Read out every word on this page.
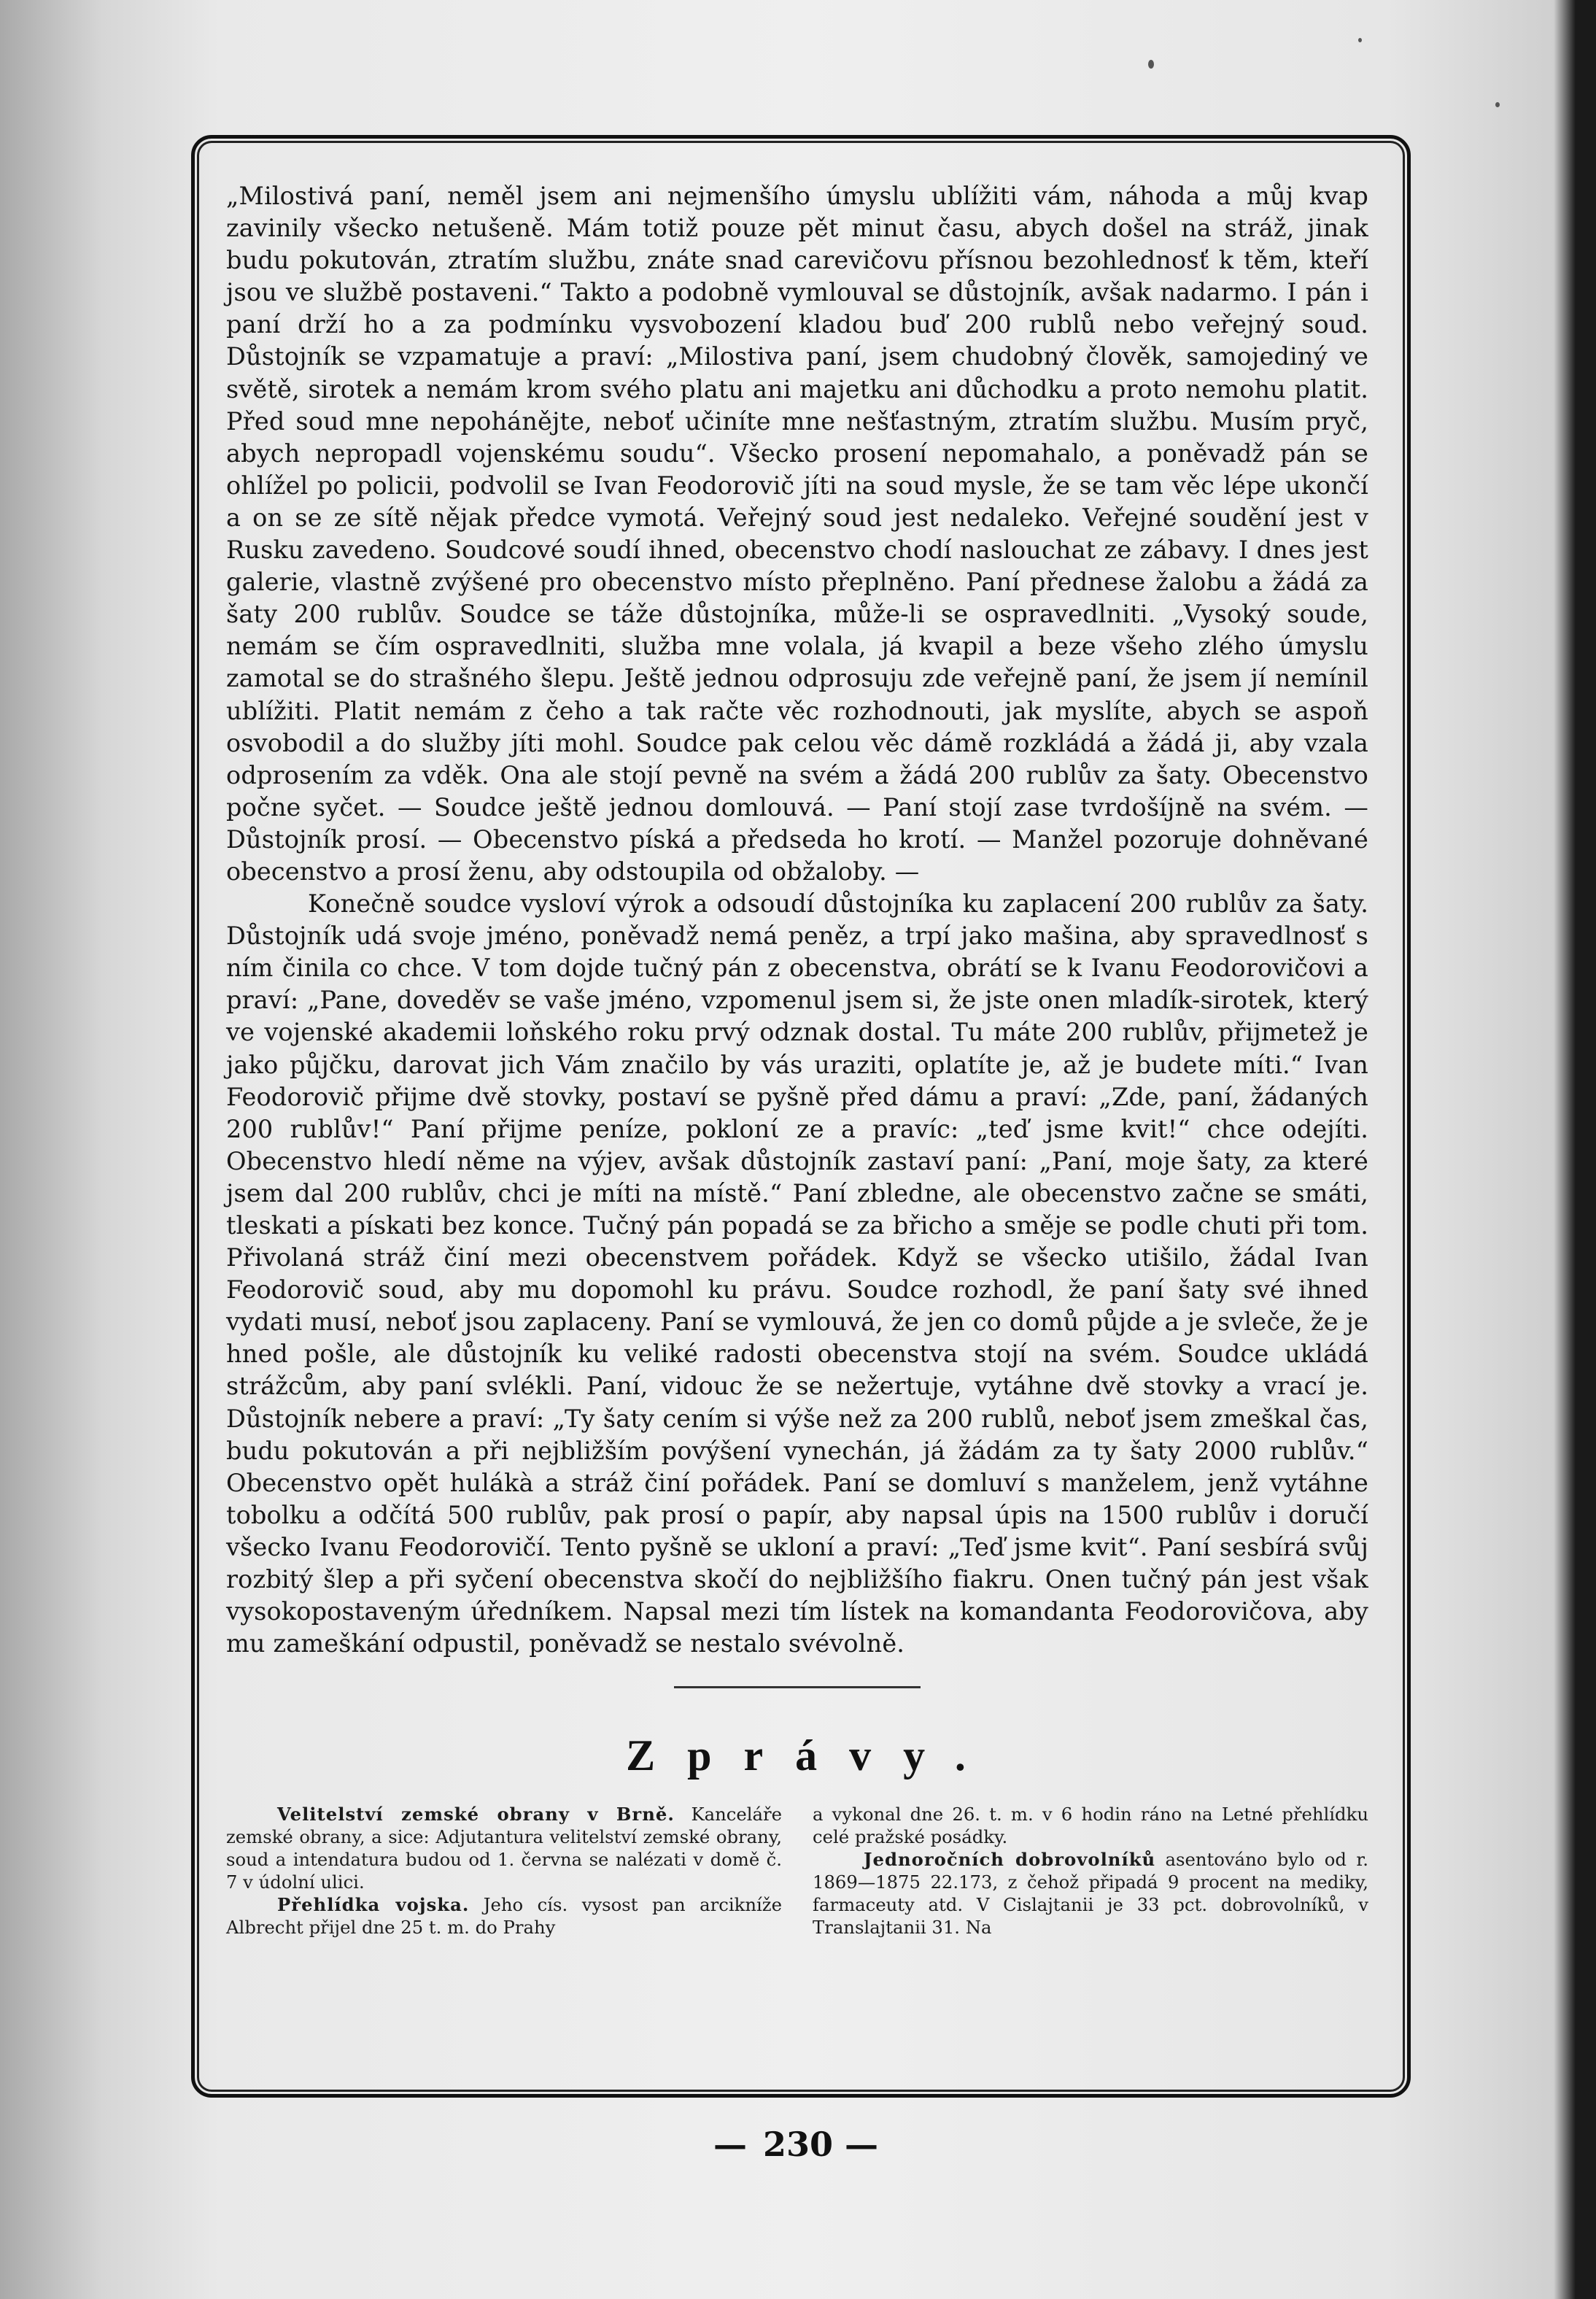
„Milostivá paní, neměl jsem ani nejmenšího úmyslu ublížiti vám, náhoda a můj kvap zavinily všecko netušeně. Mám totiž pouze pět minut času, abych došel na stráž, jinak budu pokutován, ztratím službu, znáte snad carevičovu přísnou bezohlednosť k těm, kteří jsou ve službě postaveni.“ Takto a podobně vymlouval se důstojník, avšak nadarmo. I pán i paní drží ho a za podmínku vysvobození kladou buď 200 rublů nebo veřejný soud. Důstojník se vzpamatuje a praví: „Milostiva paní, jsem chudobný člověk, samojediný ve světě, sirotek a nemám krom svého platu ani majetku ani důchodku a proto nemohu platit. Před soud mne nepoháněјte, neboť učiníte mne nešťastným, ztratím službu. Musím pryč, abych nepropadl vojenskému soudu“. Všecko prosení nepomahalo, a poněvadž pán se ohlížel po policii, podvolil se Ivan Feodorovič jíti na soud mysle, že se tam věc lépe ukončí a on se ze sítě nějak předce vymotá. Veřejný soud jest nedaleko. Veřejné soudění jest v Rusku zavedeno. Soudcové soudí ihned, obecenstvo chodí naslouchat ze zábavy. I dnes jest galerie, vlastně zvýšené pro obecenstvo místo přeplněno. Paní přednese žalobu a žádá za šaty 200 rublův. Soudce se táže důstojníka, může-li se ospravedlniti. „Vysoký soude, nemám se čím ospravedlniti, služba mne volala, já kvapil a beze všeho zlého úmyslu zamotal se do strašného šlepu. Ještě jednou odprosuju zde veřejně paní, že jsem jí nemínil ublížiti. Platit nemám z čeho a tak račte věc rozhodnouti, jak myslíte, abych se aspoň osvobodil a do služby jíti mohl. Soudce pak celou věc dámě rozkládá a žádá ji, aby vzala odprosením za vděk. Ona ale stojí pevně na svém a žádá 200 rublův za šaty. Obecenstvo počne syčet. — Soudce ještě jednou domlouvá. — Paní stojí zase tvrdošíjně na svém. — Důstojník prosí. — Obecenstvo píská a předseda ho krotí. — Manžel pozoruje dohněvané obecenstvo a prosí ženu, aby odstoupila od obžaloby. —

Konečně soudce vysloví výrok a odsoudí důstojníka ku zaplacení 200 rublův za šaty. Důstojník udá svoje jméno, poněvadž nemá peněz, a trpí jako mašina, aby spravedlnosť s ním činila co chce. V tom dojde tučný pán z obecenstva, obrátí se k Ivanu Feodorovičovi a praví: „Pane, doveděv se vaše jméno, vzpomenul jsem si, že jste onen mladík-sirotek, který ve vojenské akademii loňského roku prvý odznak dostal. Tu máte 200 rublův, přijmetež je jako půjčku, darovat jich Vám značilo by vás uraziti, oplatíte je, až je budete míti.“ Ivan Feodorovič přijme dvě stovky, postaví se pyšně před dámu a praví: „Zde, paní, žádaných 200 rublův!“ Paní přijme peníze, poklonί ze a pravíc: „teď jsme kvit!“ chce odejíti. Obecenstvo hledí něme na výjev, avšak důstojník zastaví paní: „Paní, moje šaty, za které jsem dal 200 rublův, chci je míti na místě.“ Paní zbledne, ale obecenstvo začne se smáti, tleskati a pískati bez konce. Tučný pán popadá se za břicho a směje se podle chuti při tom. Přivolaná stráž činí mezi obecenstvem pořádek. Když se všecko utišilo, žádal Ivan Feodorovič soud, aby mu dopomohl ku právu. Soudce rozhodl, že paní šaty své ihned vydati musí, neboť jsou zaplaceny. Paní se vymlouvá, že jen co domů půjde a je svleče, že je hned pošle, ale důstojník ku veliké radosti obecenstva stojí na svém. Soudce ukládá strážcům, aby paní svlékli. Paní, vidouc že se nežertuje, vytáhne dvě stovky a vrací je. Důstojník nebere a praví: „Ty šaty cením si výše než za 200 rublů, neboť jsem zmeškal čas, budu pokutován a při nejbližším povýšení vynechán, já žádám za ty šaty 2000 rublův.“ Obecenstvo opět hulákà a stráž činí pořádek. Paní se domluví s manželem, jenž vytáhne tobolku a odčítá 500 rublův, pak prosí o papír, aby napsal úpis na 1500 rublův i doručí všecko Ivanu Feodorovičí. Tento pyšně se ukloní a praví: „Teď jsme kvit“. Paní sesbírá svůj rozbitý šlep a při syčení obecenstva skočí do nejbližšího fiakru. Onen tučný pán jest však vysokopostaveným úředníkem. Napsal mezi tím lístek na komandanta Feodorovičova, aby mu zameškání odpustil, poněvadž se nestalo svévolně.

Zprávy.

Velitelství zemské obrany v Brně. Kanceláře zemské obrany, a sice: Adjutantura velitelství zemské obrany, soud a intendatura budou od 1. června se nalézati v domě č. 7 v údolní ulici.

Přehlídka vojska. Jeho cís. vysost pan arcikníže Albrecht přijel dne 25 t. m. do Prahy

a vykonal dne 26. t. m. v 6 hodin ráno na Letné přehlídku celé pražské posádky.

Jednoročních dobrovolníků asentováno bylo od r. 1869—1875 22.173, z čehož připadá 9 procent na mediky, farmaceuty atd. V Cislajtanii je 33 pct. dobrovolníků, v Translajtanii 31. Na

— 230 —
